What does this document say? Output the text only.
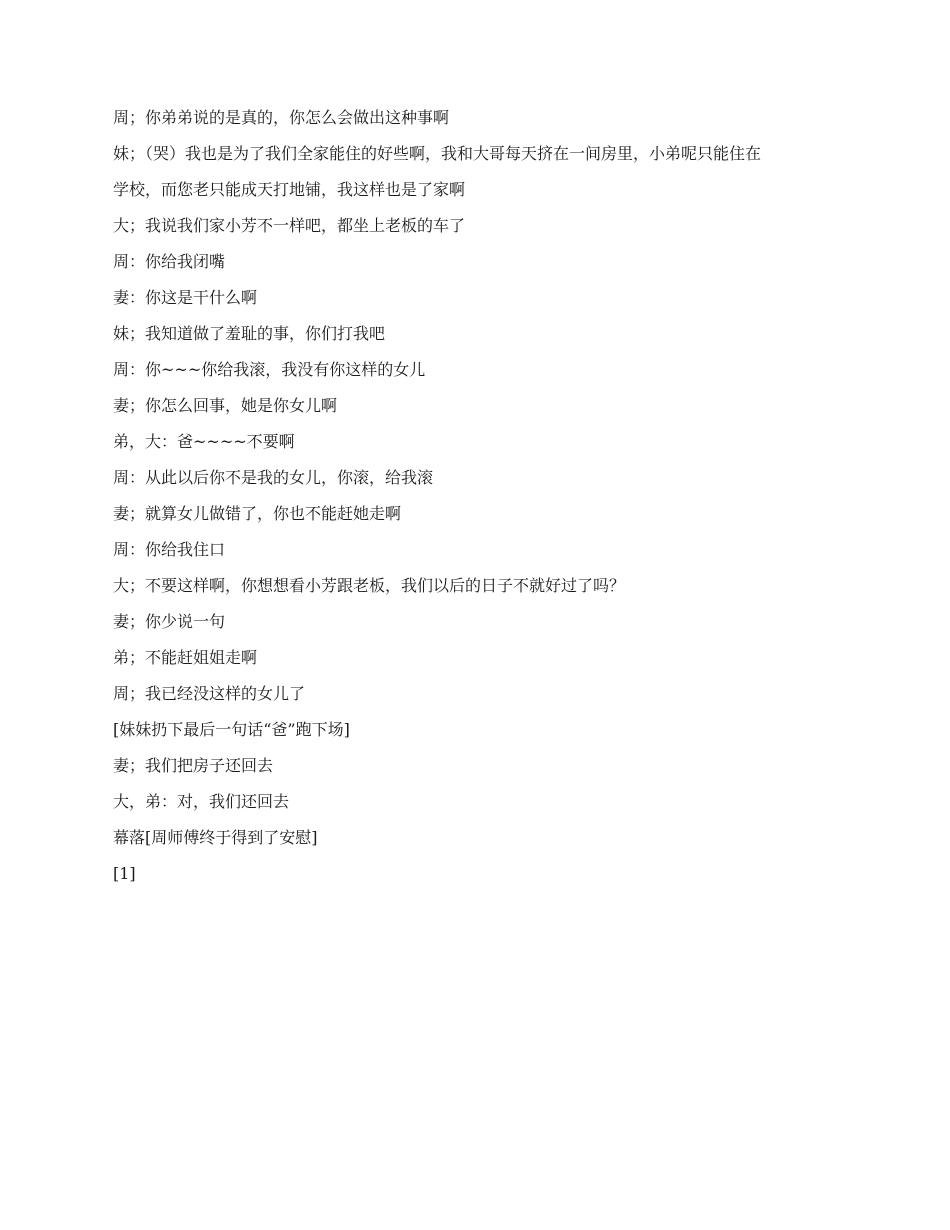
周；你弟弟说的是真的，你怎么会做出这种事啊

妹；（哭）我也是为了我们全家能住的好些啊，我和大哥每天挤在一间房里，小弟呢只能住在

学校，而您老只能成天打地铺，我这样也是了家啊

大；我说我们家小芳不一样吧，都坐上老板的车了

周：你给我闭嘴

妻：你这是干什么啊

妹；我知道做了羞耻的事，你们打我吧

周：你~~~你给我滚，我没有你这样的女儿

妻；你怎么回事，她是你女儿啊

弟，大：爸~~~~不要啊

周：从此以后你不是我的女儿，你滚，给我滚

妻；就算女儿做错了，你也不能赶她走啊

周：你给我住口

大；不要这样啊，你想想看小芳跟老板，我们以后的日子不就好过了吗？

妻；你少说一句

弟；不能赶姐姐走啊

周；我已经没这样的女儿了

[妹妹扔下最后一句话“爸”跑下场]

妻；我们把房子还回去

大，弟：对，我们还回去

幕落[周师傅终于得到了安慰]

[1]
